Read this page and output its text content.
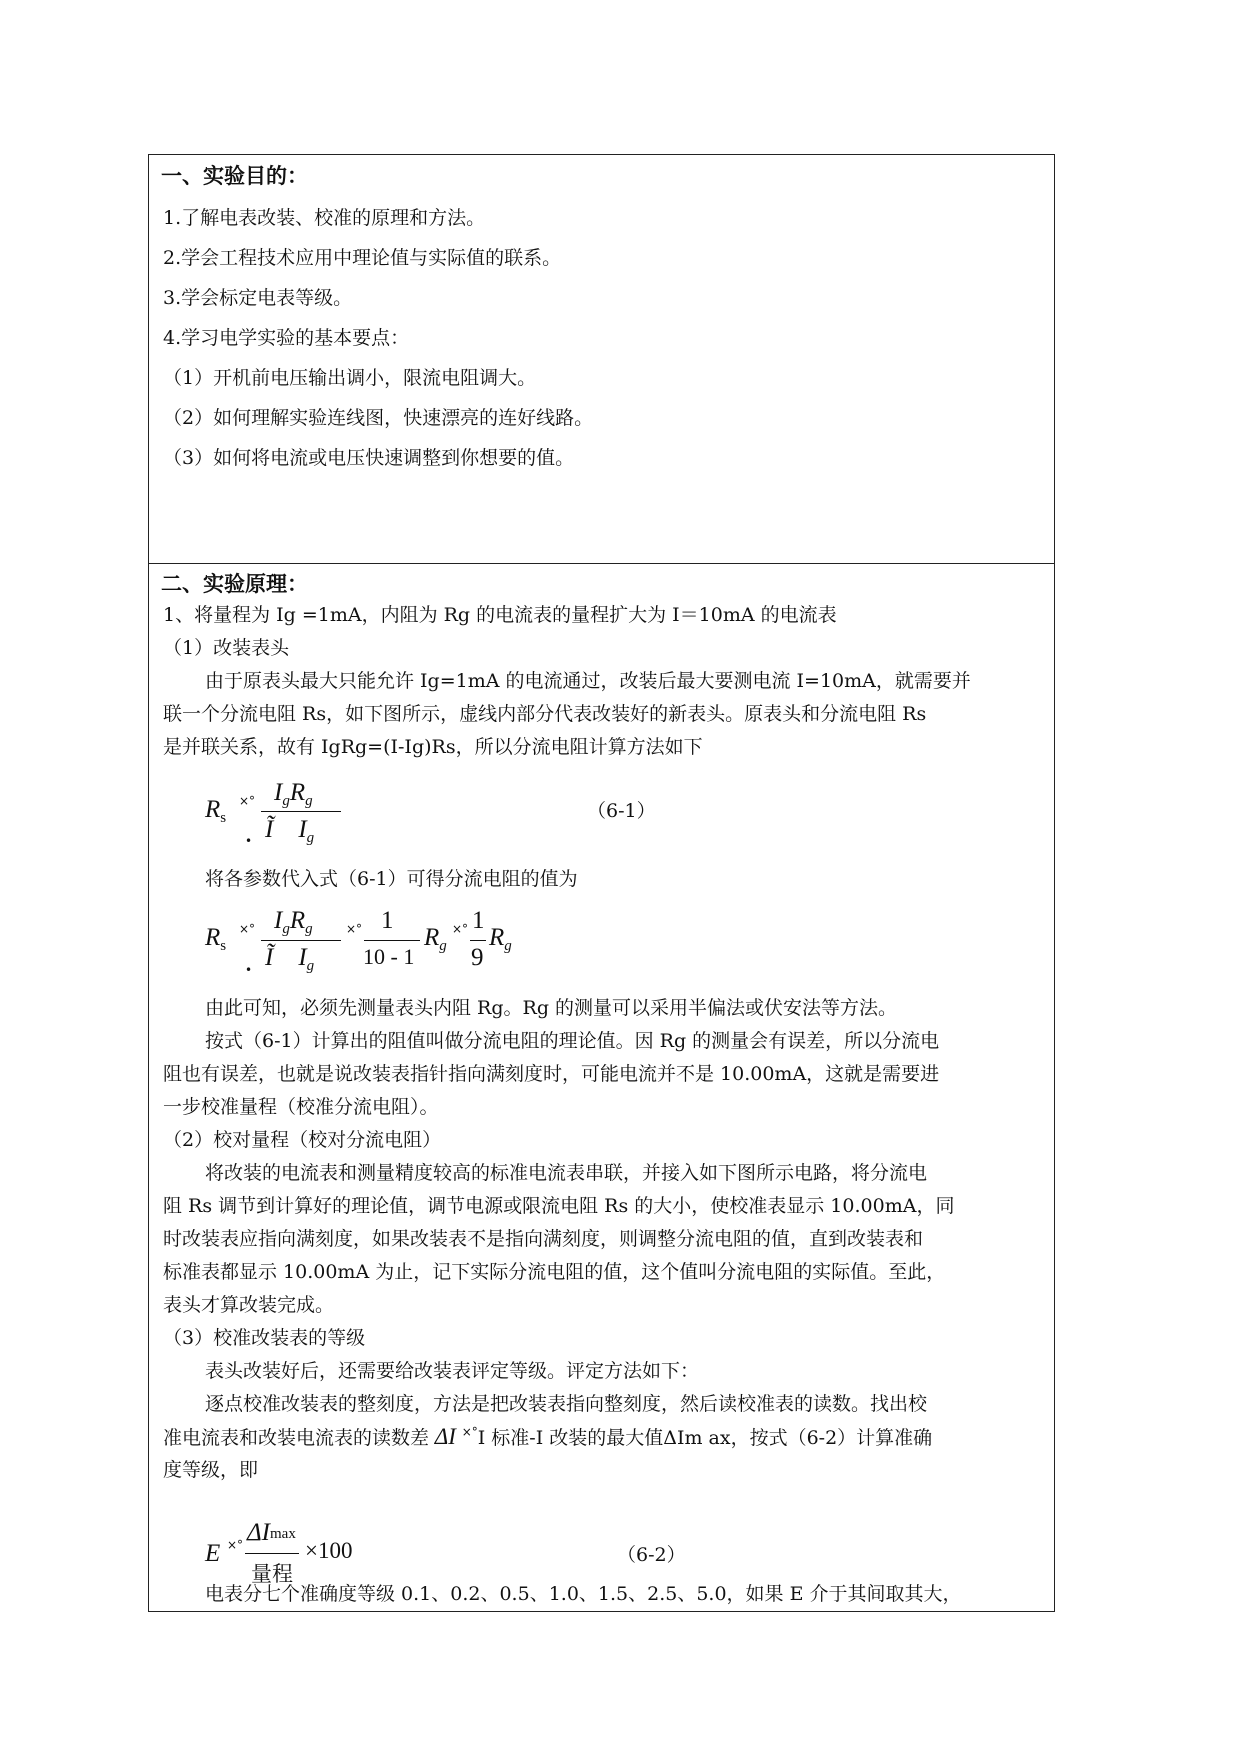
一、实验目的：
1.了解电表改装、校准的原理和方法。
2.学会工程技术应用中理论值与实际值的联系。
3.学会标定电表等级。
4.学习电学实验的基本要点：
（1）开机前电压输出调小，限流电阻调大。
（2）如何理解实验连线图，快速漂亮的连好线路。
（3）如何将电流或电压快速调整到你想要的值。
二、实验原理：
1、将量程为 Ig =1mA，内阻为 Rg 的电流表的量程扩大为 I＝10mA 的电流表
（1）改装表头
由于原表头最大只能允许 Ig=1mA 的电流通过，改装后最大要测电流 I=10mA，就需要并
联一个分流电阻 Rs，如下图所示，虚线内部分代表改装好的新表头。原表头和分流电阻 Rs
是并联关系，故有 IgRg=(I-Ig)Rs，所以分流电阻计算方法如下
$R_s$
×° $I_gR_g$
Ĩ    $I_g$
•
（6-1）
将各参数代入式（6-1）可得分流电阻的值为
$R_s$
×° $I_gR_g$
Ĩ    $I_g$
•
×° 1
10 - 1
$R_g$
×° 1
9
$R_g$
由此可知，必须先测量表头内阻 Rg。Rg 的测量可以采用半偏法或伏安法等方法。
按式（6-1）计算出的阻值叫做分流电阻的理论值。因 Rg 的测量会有误差，所以分流电
阻也有误差，也就是说改装表指针指向满刻度时，可能电流并不是 10.00mA，这就是需要进
一步校准量程（校准分流电阻）。
（2）校对量程（校对分流电阻）
将改装的电流表和测量精度较高的标准电流表串联，并接入如下图所示电路，将分流电
阻 Rs 调节到计算好的理论值，调节电源或限流电阻 Rs 的大小，使校准表显示 10.00mA，同
时改装表应指向满刻度，如果改装表不是指向满刻度，则调整分流电阻的值，直到改装表和
标准表都显示 10.00mA 为止，记下实际分流电阻的值，这个值叫分流电阻的实际值。至此，
表头才算改装完成。
（3）校准改装表的等级
表头改装好后，还需要给改装表评定等级。评定方法如下：
逐点校准改装表的整刻度，方法是把改装表指向整刻度，然后读校准表的读数。找出校
准电流表和改装电流表的读数差 ΔI ×°I 标准-I 改装的最大值ΔIm ax，按式（6-2）计算准确
度等级，即
E ×° ΔImax
量程
×100	（6-2）
电表分七个准确度等级 0.1、0.2、0.5、1.0、1.5、2.5、5.0，如果 E 介于其间取其大，
